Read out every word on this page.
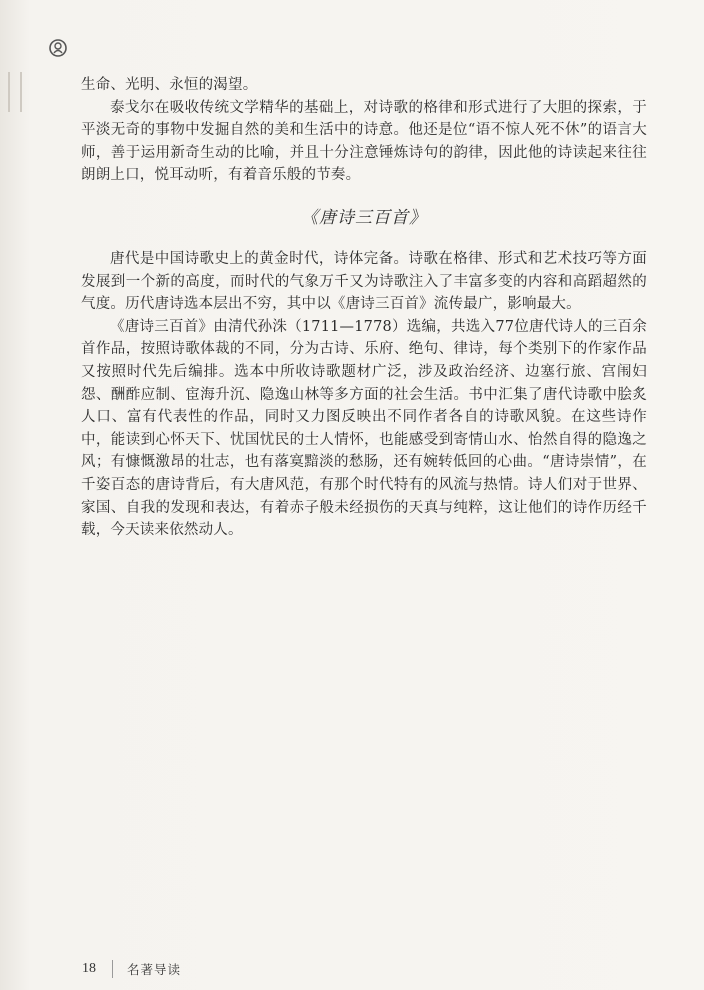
生命、光明、永恒的渴望。

泰戈尔在吸收传统文学精华的基础上，对诗歌的格律和形式进行了大胆的探索，于平淡无奇的事物中发掘自然的美和生活中的诗意。他还是位“语不惊人死不休”的语言大师，善于运用新奇生动的比喻，并且十分注意锤炼诗句的韵律，因此他的诗读起来往往朗朗上口，悦耳动听，有着音乐般的节奏。

《唐诗三百首》

唐代是中国诗歌史上的黄金时代，诗体完备。诗歌在格律、形式和艺术技巧等方面发展到一个新的高度，而时代的气象万千又为诗歌注入了丰富多变的内容和高蹈超然的气度。历代唐诗选本层出不穷，其中以《唐诗三百首》流传最广，影响最大。

《唐诗三百首》由清代孙洙（1711—1778）选编，共选入77位唐代诗人的三百余首作品，按照诗歌体裁的不同，分为古诗、乐府、绝句、律诗，每个类别下的作家作品又按照时代先后编排。选本中所收诗歌题材广泛，涉及政治经济、边塞行旅、宫闱妇怨、酬酢应制、宦海升沉、隐逸山林等多方面的社会生活。书中汇集了唐代诗歌中脍炙人口、富有代表性的作品，同时又力图反映出不同作者各自的诗歌风貌。在这些诗作中，能读到心怀天下、忧国忧民的士人情怀，也能感受到寄情山水、怡然自得的隐逸之风；有慷慨激昂的壮志，也有落寞黯淡的愁肠，还有婉转低回的心曲。“唐诗崇情”，在千姿百态的唐诗背后，有大唐风范，有那个时代特有的风流与热情。诗人们对于世界、家国、自我的发现和表达，有着赤子般未经损伤的天真与纯粹，这让他们的诗作历经千载，今天读来依然动人。

18 名著导读
